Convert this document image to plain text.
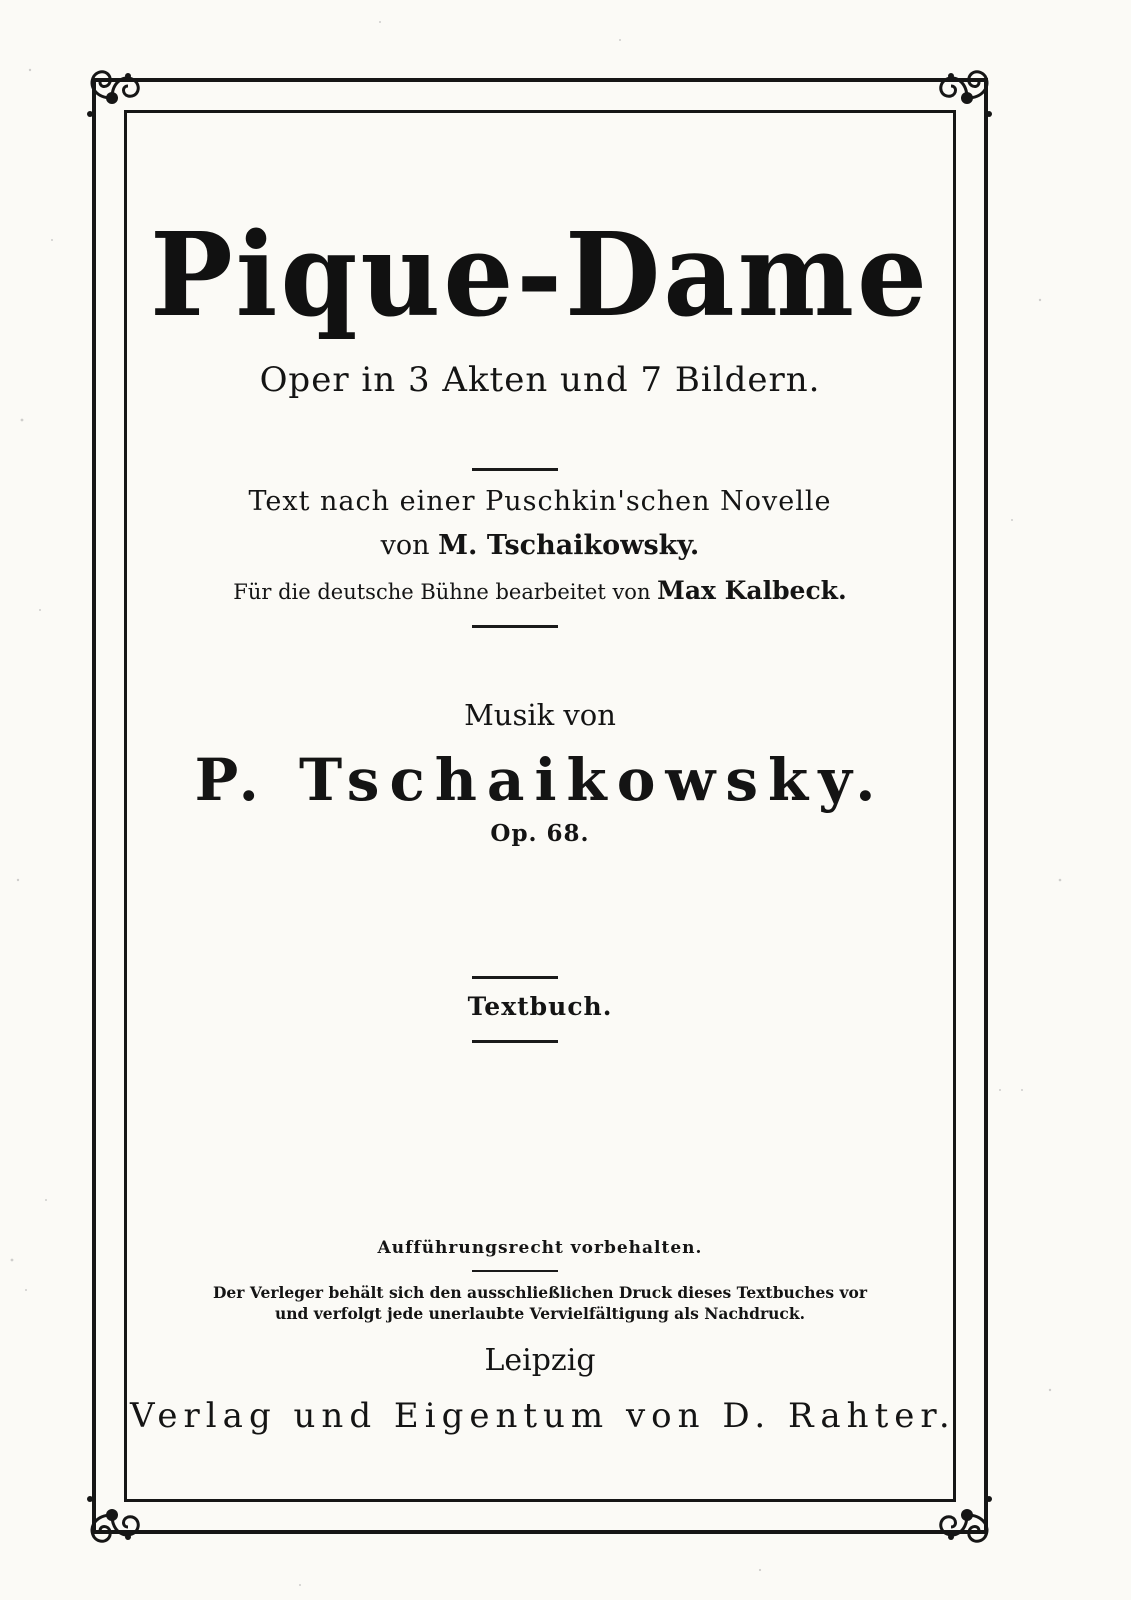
Pique-Dame
Oper in 3 Akten und 7 Bildern.
Text nach einer Puschkin'schen Novelle
von M. Tschaikowsky.
Für die deutsche Bühne bearbeitet von Max Kalbeck.
Musik von
P. Tschaikowsky.
Op. 68.
Textbuch.
Aufführungsrecht vorbehalten.
Der Verleger behält sich den ausschließlichen Druck dieses Textbuches vor
und verfolgt jede unerlaubte Vervielfältigung als Nachdruck.
Leipzig
Verlag und Eigentum von D. Rahter.
